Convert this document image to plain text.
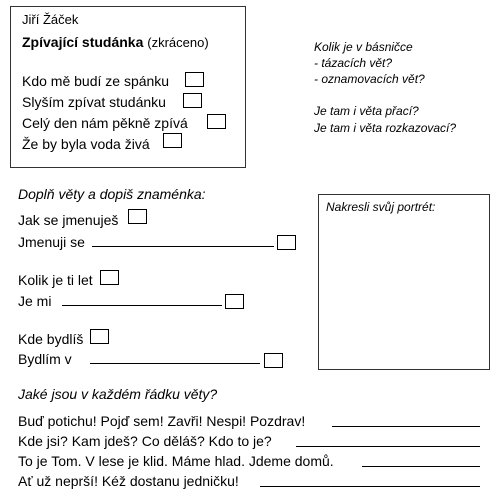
Jiří Žáček
Zpívající studánka (zkráceno)
Kdo mě budí ze spánku
Slyším zpívat studánku
Celý den nám pěkně zpívá
Že by byla voda živá
Kolik je v básničce
- tázacích vět?
- oznamovacích vět?
Je tam i věta přací?
Je tam i věta rozkazovací?
Doplň věty a dopiš znaménka:
Jak se jmenuješ
Jmenuji se
Kolik je ti let
Je mi
Kde bydlíš
Bydlím v
Nakresli svůj portrét:
Jaké jsou v každém řádku věty?
Buď potichu! Pojď sem! Zavři! Nespi! Pozdrav!
Kde jsi? Kam jdeš? Co děláš? Kdo to je?
To je Tom. V lese je klid. Máme hlad. Jdeme domů.
Ať už neprší! Kéž dostanu jedničku!
